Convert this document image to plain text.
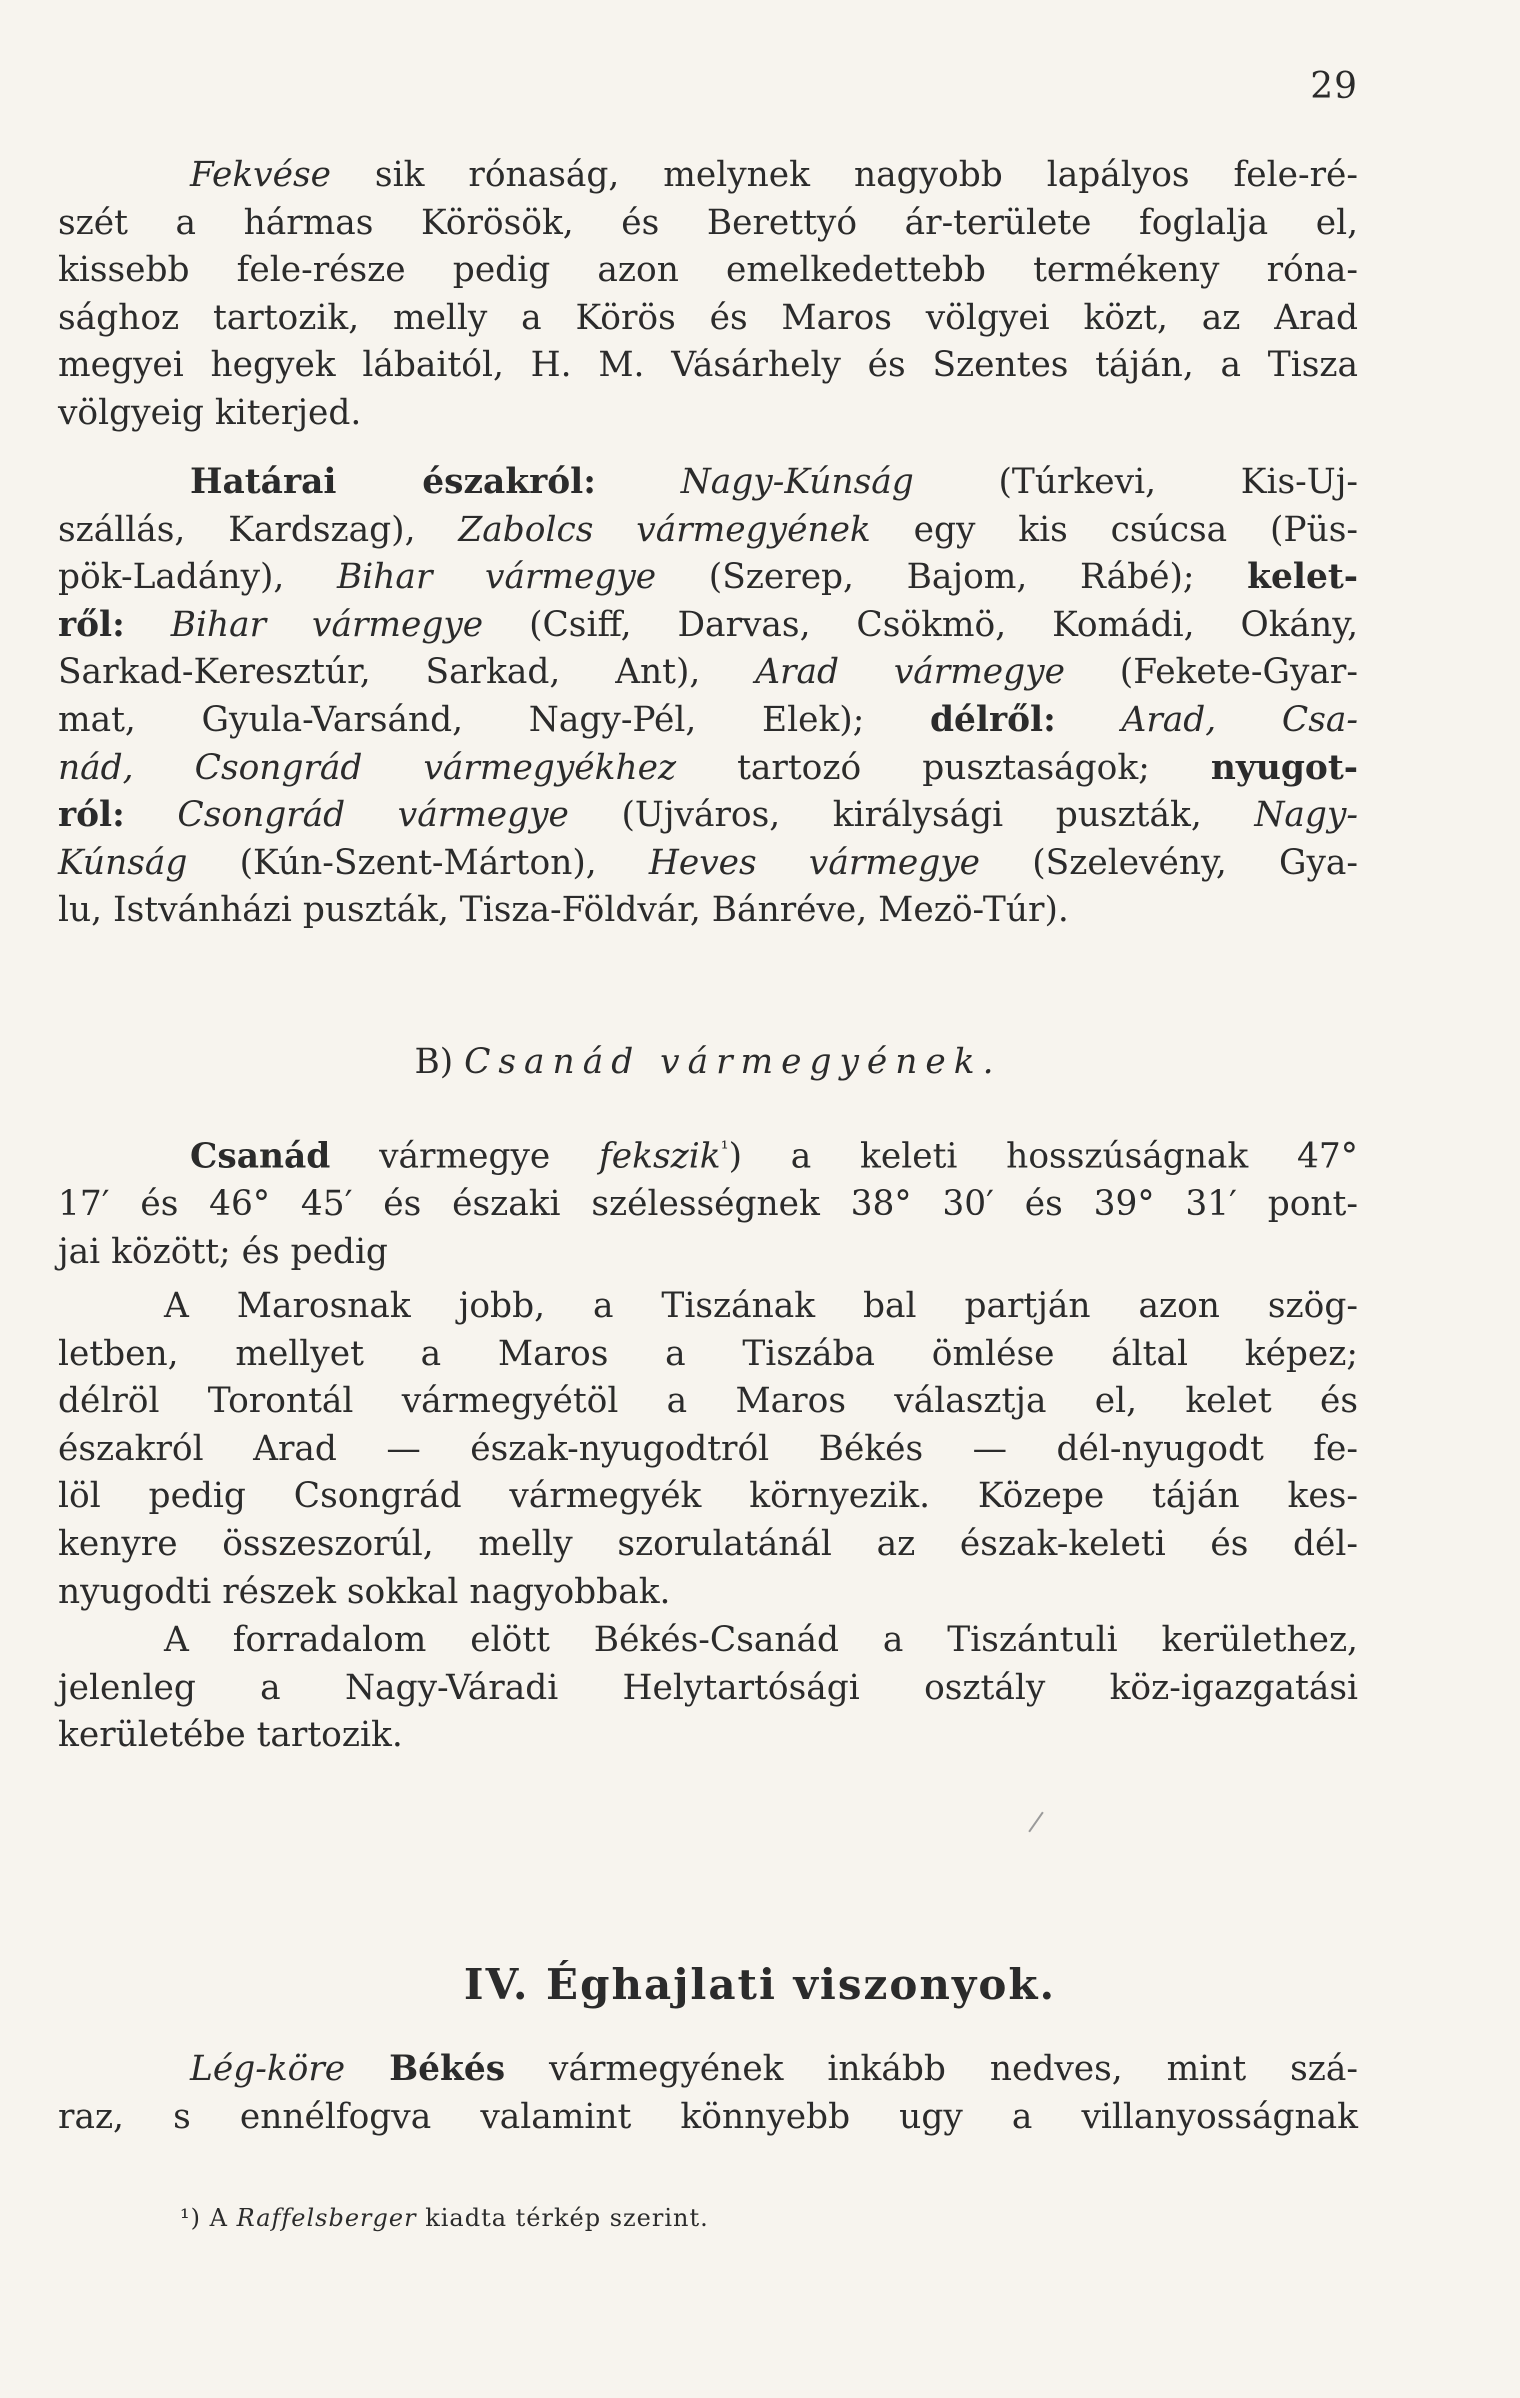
29
Fekvése sik rónaság, melynek nagyobb lapályos fele-ré-
szét a hármas Körösök, és Berettyó ár-területe foglalja el,
kissebb fele-része pedig azon emelkedettebb termékeny róna-
sághoz tartozik, melly a Körös és Maros völgyei közt, az Arad
megyei hegyek lábaitól, H. M. Vásárhely és Szentes táján, a Tisza
völgyeig kiterjed.
Határai északról: Nagy-Kúnság (Túrkevi, Kis-Uj-
szállás, Kardszag), Zabolcs vármegyének egy kis csúcsa (Püs-
pök-Ladány), Bihar vármegye (Szerep, Bajom, Rábé); kelet-
ről: Bihar vármegye (Csiff, Darvas, Csökmö, Komádi, Okány,
Sarkad-Keresztúr, Sarkad, Ant), Arad vármegye (Fekete-Gyar-
mat, Gyula-Varsánd, Nagy-Pél, Elek); délről: Arad, Csa-
nád, Csongrád vármegyékhez tartozó pusztaságok; nyugot-
ról: Csongrád vármegye (Ujváros, királysági puszták, Nagy-
Kúnság (Kún-Szent-Márton), Heves vármegye (Szelevény, Gya-
lu, Istvánházi puszták, Tisza-Földvár, Bánréve, Mezö-Túr).
B) Csanád vármegyének.
Csanád vármegye fekszik$^{^1}$) a keleti hosszúságnak 47°
17′ és 46° 45′ és északi szélességnek 38° 30′ és 39° 31′ pont-
jai között; és pedig
A Marosnak jobb, a Tiszának bal partján azon szög-
letben, mellyet a Maros a Tiszába ömlése által képez;
délröl Torontál vármegyétöl a Maros választja el, kelet és
északról Arad — észak-nyugodtról Békés — dél-nyugodt fe-
löl pedig Csongrád vármegyék környezik. Közepe táján kes-
kenyre összeszorúl, melly szorulatánál az észak-keleti és dél-
nyugodti részek sokkal nagyobbak.
A forradalom elött Békés-Csanád a Tiszántuli kerülethez,
jelenleg a Nagy-Váradi Helytartósági osztály köz-igazgatási
kerületébe tartozik.
IV. Éghajlati viszonyok.
Lég-köre Békés vármegyének inkább nedves, mint szá-
raz, s ennélfogva valamint könnyebb ugy a villanyosságnak
¹) A Raffelsberger kiadta térkép szerint.
